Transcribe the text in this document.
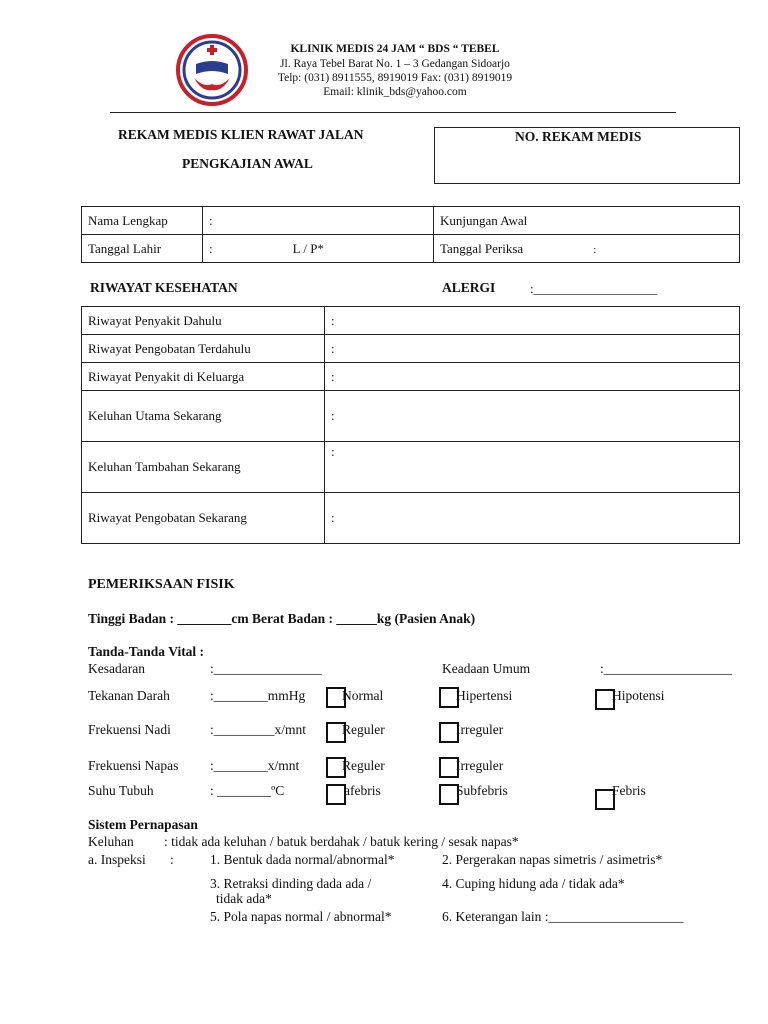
KLINIK MEDIS 24 JAM “ BDS “ TEBEL
Jl. Raya Tebel Barat No. 1 – 3 Gedangan Sidoarjo
Telp: (031) 8911555, 8919019 Fax: (031) 8919019
Email: klinik_bds@yahoo.com
REKAM MEDIS KLIEN RAWAT JALAN
PENGKAJIAN AWAL
NO. REKAM MEDIS
Nama Lengkap	:	Kunjungan Awal
Tanggal Lahir	: L / P*	Tanggal Periksa :
RIWAYAT KESEHATAN	ALERGI	:___________________
Riwayat Penyakit Dahulu	:
Riwayat Pengobatan Terdahulu	:
Riwayat Penyakit di Keluarga	:
Keluhan Utama Sekarang	:
Keluhan Tambahan Sekarang	:
Riwayat Pengobatan Sekarang	:
PEMERIKSAAN FISIK
Tinggi Badan : ________cm Berat Badan : ______kg (Pasien Anak)
Tanda-Tanda Vital :
Kesadaran	:________________	Keadaan Umum	:___________________
Tekanan Darah	:________mmHg	Normal	Hipertensi	Hipotensi
Frekuensi Nadi	:_________x/mnt	Reguler	Irreguler
Frekuensi Napas :________x/mnt	Reguler	Irreguler
Suhu Tubuh	: ________ºC	afebris	Subfebris	Febris
Sistem Pernapasan
Keluhan : tidak ada keluhan / batuk berdahak / batuk kering / sesak napas*
a. Inspeksi :	1. Bentuk dada normal/abnormal*	2. Pergerakan napas simetris / asimetris*
3. Retraksi dinding dada ada /
tidak ada*
4. Cuping hidung ada / tidak ada*
5. Pola napas normal / abnormal*	6. Keterangan lain :____________________
